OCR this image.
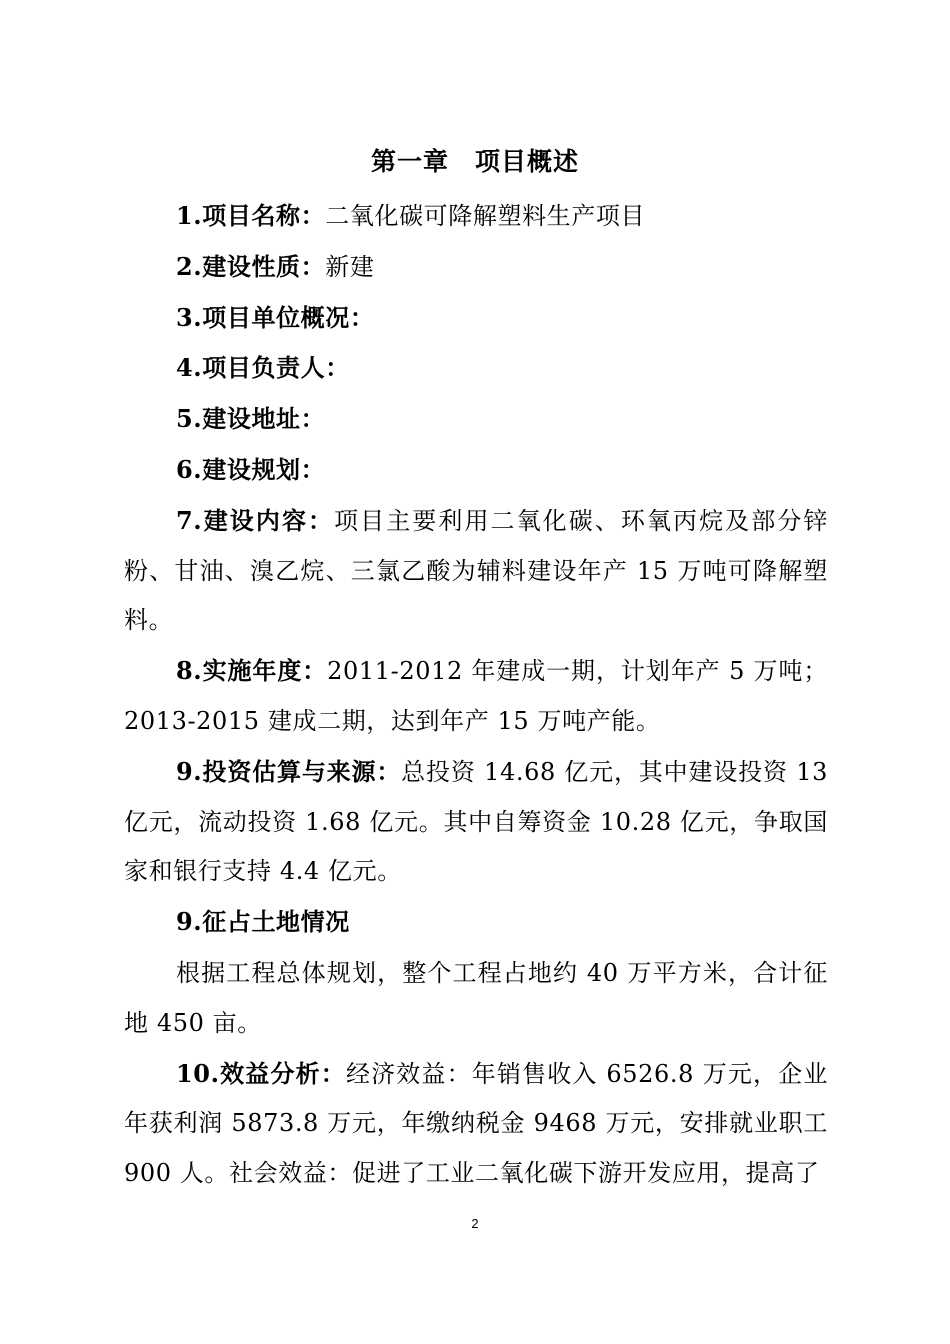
第一章 项目概述

1.项目名称：二氧化碳可降解塑料生产项目

2.建设性质：新建

3.项目单位概况：

4.项目负责人：

5.建设地址：

6.建设规划：

7.建设内容：项目主要利用二氧化碳、环氧丙烷及部分锌粉、甘油、溴乙烷、三氯乙酸为辅料建设年产 15 万吨可降解塑料。

8.实施年度：2011-2012 年建成一期，计划年产 5 万吨；2013-2015 建成二期，达到年产 15 万吨产能。

9.投资估算与来源：总投资 14.68 亿元，其中建设投资 13 亿元，流动投资 1.68 亿元。其中自筹资金 10.28 亿元，争取国家和银行支持 4.4 亿元。

9.征占土地情况

根据工程总体规划，整个工程占地约 40 万平方米，合计征地 450 亩。

10.效益分析：经济效益：年销售收入 6526.8 万元，企业年获利润 5873.8 万元，年缴纳税金 9468 万元，安排就业职工 900 人。社会效益：促进了工业二氧化碳下游开发应用，提高了

2
